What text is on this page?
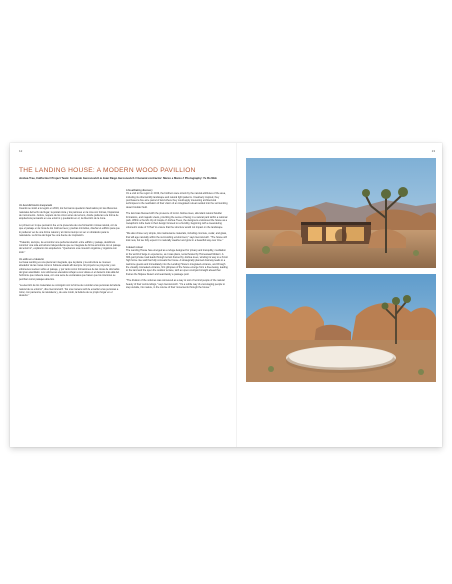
12	13
THE LANDING HOUSE: A MODERN WOOD PAVILLION
Joshua Tree, California // Project Team: Fernando Gerosnovich & Juan Diego Gerosnovich // General contractor: Marco e Marco // Photography: Yu Ro Mok

Un descubrimiento inesperado
Cuando se visitó a la región en 2019, los hermanos quedaron fascinados por las diferentes naturales del lecho del lugar, la postal única y los patrones en la roca con formas, hispánicas de monumento. Juntos, respeto de los cinco acres de terreno, donde pudieran a la forma de arquitectura pensando en ese entorno y quedando en él, la dirección de la zona.

Lo primero en lo que pensaron fue en la presencia de una formación rocosa natural, con la que el paisaje en la zona de los Joshua trees y piedras inmóviles, diseñar el edificio para que lo pudieran ver de una forma natural y al mismo tiempo no ser un obstáculo para la naturaleza. La forma del lugar fue una fuente de inspiración.

"Tratando, siempre, de encontrar una perfecta relación entre edificio y paisaje, decidimos construir una sola estructura independiente que se integrara de forma armónica con el paisaje del entorno", explicaron los arquitectos. "Queríamos una conexión orgánica y orgánica con todo."

Un estilo en el desierto
La Casa Landing es una pieza tan integrada, que la planta y la estructura se mueven alrededor de las rocas como si hubiera estado allí siempre. El proyecto se proyecta y sus volúmenes vuelven sobre el paisaje, y por tanto como formaciones de las rocas de dos lados del gran acantilado. Los volúmenes elevados reflejan a sus vistas en el desierto más allá del horizonte que rodea la casa, con una serie de ventanales que hacen que los interiores se perciban como paisajes abiertos.

"La elección de los materiales se consiguió con la forma de recordar a las personas la belleza natural de su entorno", dice Gerosnovich. "Es una manera sutil de enseñar a las personas a mirar, con paciencia, la naturaleza y, de este modo, la belleza de su propio hogar en el desierto."

A breathtaking discovery
On a visit to the region in 2019, the brothers were struck by the natural attributes of the area, including its otherworldly landscape and natural light patterns. Creatively inspired, they purchased a five acre parcel of land where they could apply interesting architectural techniques to the realization of their vision of an integrated retreat nestled into the surrounding desert boulder field.

The land was blessed with the presence of iconic Joshua trees, abundant natural boulder formations, and majestic views, providing the sense of being in a natural park within a national park. Within a friend's trip of couple of Joshua Trees, the designers envisioned the house as a metaphoric ruthe feels in their design focused on a humility, beginning with a meandering volumetric scale of 'It Had' to ensure that the structure would not impact on the landscape.

"We also chose very simple, low maintenance materials, including concrete, cedar, and glass, that will age naturally within the surrounding environment," says Gerosnovich. "The house will look new, but we fully expect it to naturally weather and grow in a beautiful way over time."

A desert retreat
The Landing House has emerged as a refuge designed for privacy and tranquility, meditation to the world of large in experience, as it was plans, rental hosted by Homestead Modern. A 300-yard private road leads through terrain framed by Joshua trees, winding its way to a 3-foot high home rise wall that fully conceals the house. A strategically planned doorway leads to a welcome guests and immediately into the Landing House's integrated entrance, and through the visually concealed entrance, first glimpses of the house emerge from a breezeway, leading to the land and the open the outdoor terrace, with an open courtyard straight ahead that frames the Mojave Desert and seamlessly a passage pool.

"The division of the volumes was conceived as a way to sort of remind people of the natural beauty of their surroundings," says Gerosnovich. "It's a subtle way of encouraging people to step outside, into nature, in the course of their movements through the house."
